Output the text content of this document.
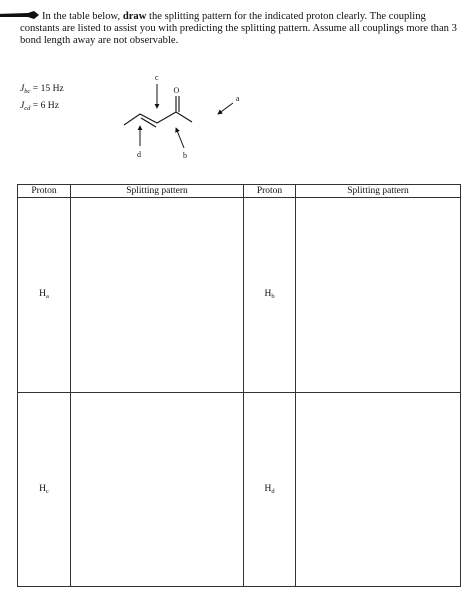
In the table below, draw the splitting pattern for the indicated proton clearly. The coupling constants are listed to assist you with predicting the splitting pattern. Assume all couplings more than 3 bond length away are not observable.

$J_{bc} = 15$ Hz
$J_{cd} = 6$ Hz
O
a
b
c
d
Proton	Splitting pattern	Proton	Splitting pattern
$H_a$		$H_b$	
$H_c$		$H_d$	
